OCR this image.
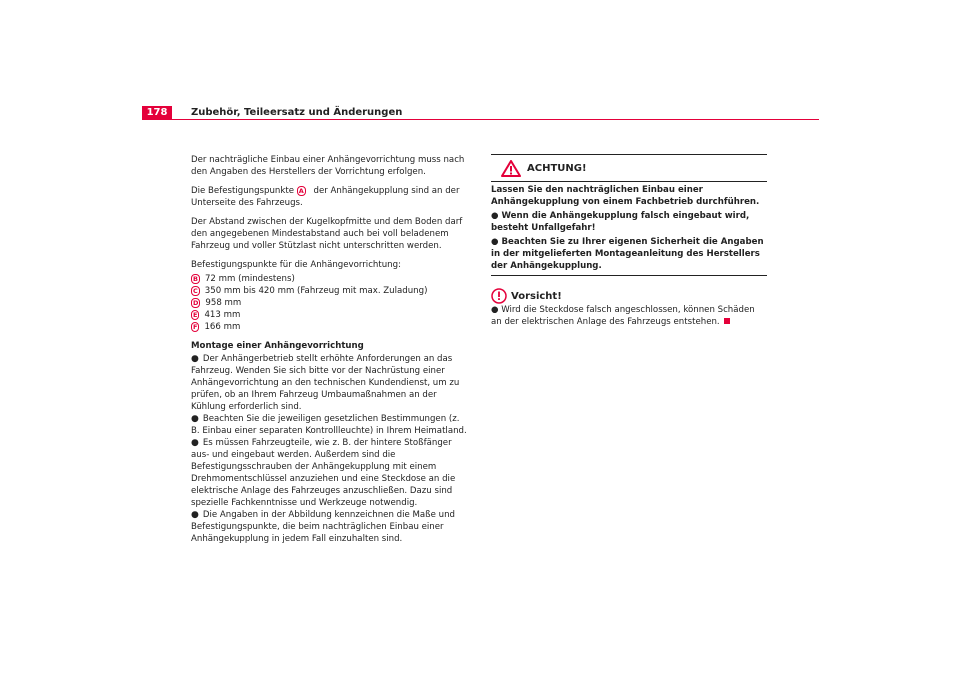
178	Zubehör, Teileersatz und Änderungen

Der nachträgliche Einbau einer Anhängevorrichtung muss nach den Angaben des Herstellers der Vorrichtung erfolgen.

Die Befestigungspunkte A der Anhängekupplung sind an der Unterseite des Fahrzeugs.

Der Abstand zwischen der Kugelkopfmitte und dem Boden darf den angegebenen Mindestabstand auch bei voll beladenem Fahrzeug und voller Stützlast nicht unterschritten werden.

Befestigungspunkte für die Anhängevorrichtung:

B 72 mm (mindestens)
C 350 mm bis 420 mm (Fahrzeug mit max. Zuladung)
D 958 mm
E 413 mm
F 166 mm

Montage einer Anhängevorrichtung

● Der Anhängerbetrieb stellt erhöhte Anforderungen an das Fahrzeug. Wenden Sie sich bitte vor der Nachrüstung einer Anhängevorrichtung an den technischen Kundendienst, um zu prüfen, ob an Ihrem Fahrzeug Umbaumaßnahmen an der Kühlung erforderlich sind.

● Beachten Sie die jeweiligen gesetzlichen Bestimmungen (z. B. Einbau einer separaten Kontrollleuchte) in Ihrem Heimatland.

● Es müssen Fahrzeugteile, wie z. B. der hintere Stoßfänger aus- und eingebaut werden. Außerdem sind die Befestigungsschrauben der Anhängekupplung mit einem Drehmomentschlüssel anzuziehen und eine Steckdose an die elektrische Anlage des Fahrzeuges anzuschließen. Dazu sind spezielle Fachkenntnisse und Werkzeuge notwendig.

● Die Angaben in der Abbildung kennzeichnen die Maße und Befestigungspunkte, die beim nachträglichen Einbau einer Anhängekupplung in jedem Fall einzuhalten sind.

ACHTUNG!

Lassen Sie den nachträglichen Einbau einer Anhängekupplung von einem Fachbetrieb durchführen.

● Wenn die Anhängekupplung falsch eingebaut wird, besteht Unfallgefahr!

● Beachten Sie zu Ihrer eigenen Sicherheit die Angaben in der mitgelieferten Montageanleitung des Herstellers der Anhängekupplung.

Vorsicht!

● Wird die Steckdose falsch angeschlossen, können Schäden an der elektrischen Anlage des Fahrzeugs entstehen.
